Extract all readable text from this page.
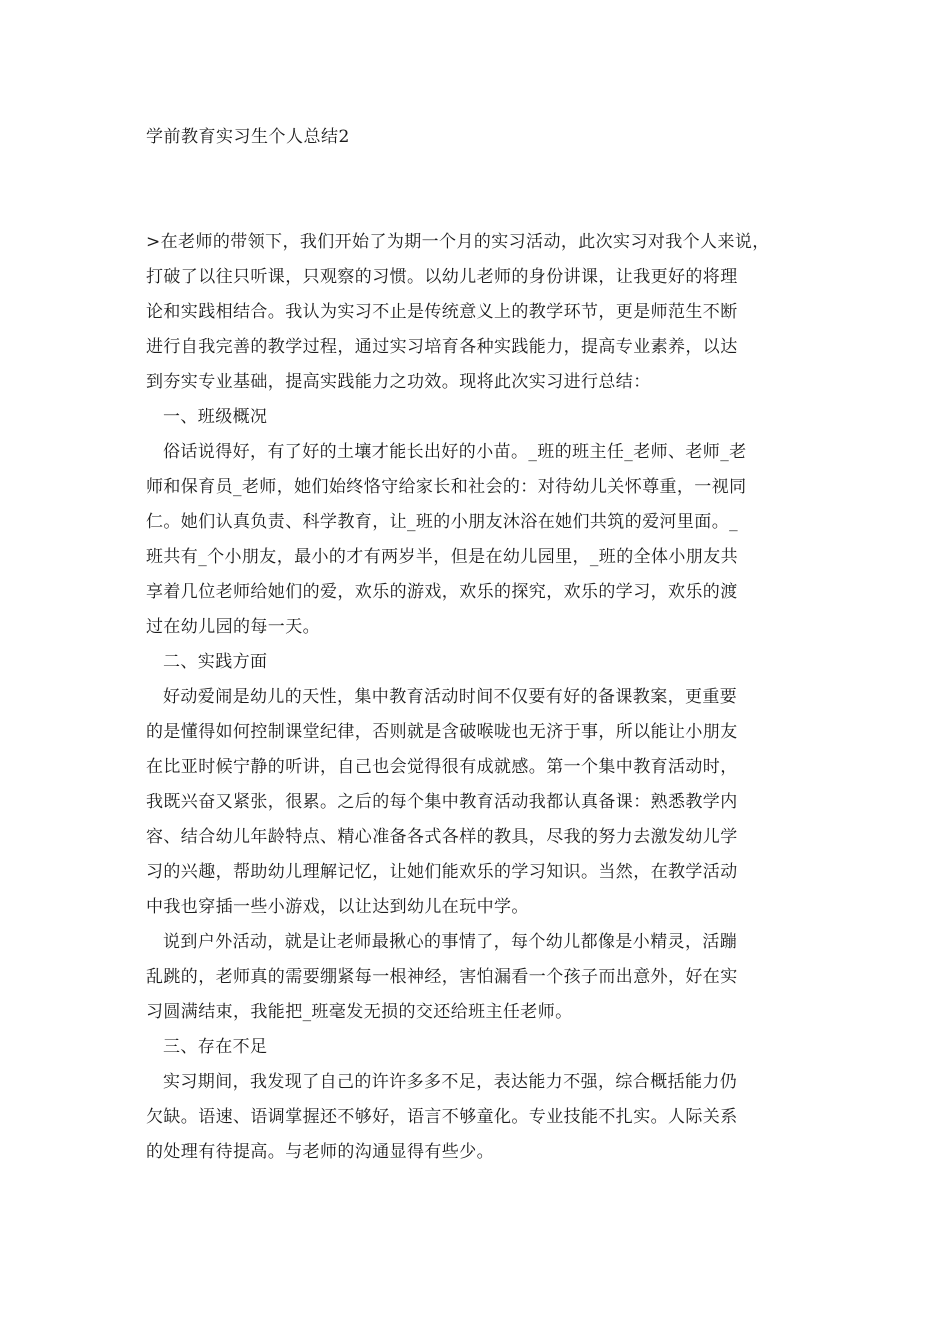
学前教育实习生个人总结2
>在老师的带领下，我们开始了为期一个月的实习活动，此次实习对我个人来说，
打破了以往只听课，只观察的习惯。以幼儿老师的身份讲课，让我更好的将理
论和实践相结合。我认为实习不止是传统意义上的教学环节，更是师范生不断
进行自我完善的教学过程，通过实习培育各种实践能力，提高专业素养，以达
到夯实专业基础，提高实践能力之功效。现将此次实习进行总结：
一、班级概况
俗话说得好，有了好的土壤才能长出好的小苗。_班的班主任_老师、老师_老
师和保育员_老师，她们始终恪守给家长和社会的：对待幼儿关怀尊重，一视同
仁。她们认真负责、科学教育，让_班的小朋友沐浴在她们共筑的爱河里面。_
班共有_个小朋友，最小的才有两岁半，但是在幼儿园里，_班的全体小朋友共
享着几位老师给她们的爱，欢乐的游戏，欢乐的探究，欢乐的学习，欢乐的渡
过在幼儿园的每一天。
二、实践方面
好动爱闹是幼儿的天性，集中教育活动时间不仅要有好的备课教案，更重要
的是懂得如何控制课堂纪律，否则就是含破喉咙也无济于事，所以能让小朋友
在比亚时候宁静的听讲，自己也会觉得很有成就感。第一个集中教育活动时，
我既兴奋又紧张，很累。之后的每个集中教育活动我都认真备课：熟悉教学内
容、结合幼儿年龄特点、精心准备各式各样的教具，尽我的努力去激发幼儿学
习的兴趣，帮助幼儿理解记忆，让她们能欢乐的学习知识。当然，在教学活动
中我也穿插一些小游戏，以让达到幼儿在玩中学。
说到户外活动，就是让老师最揪心的事情了，每个幼儿都像是小精灵，活蹦
乱跳的，老师真的需要绷紧每一根神经，害怕漏看一个孩子而出意外，好在实
习圆满结束，我能把_班毫发无损的交还给班主任老师。
三、存在不足
实习期间，我发现了自己的许许多多不足，表达能力不强，综合概括能力仍
欠缺。语速、语调掌握还不够好，语言不够童化。专业技能不扎实。人际关系
的处理有待提高。与老师的沟通显得有些少。
